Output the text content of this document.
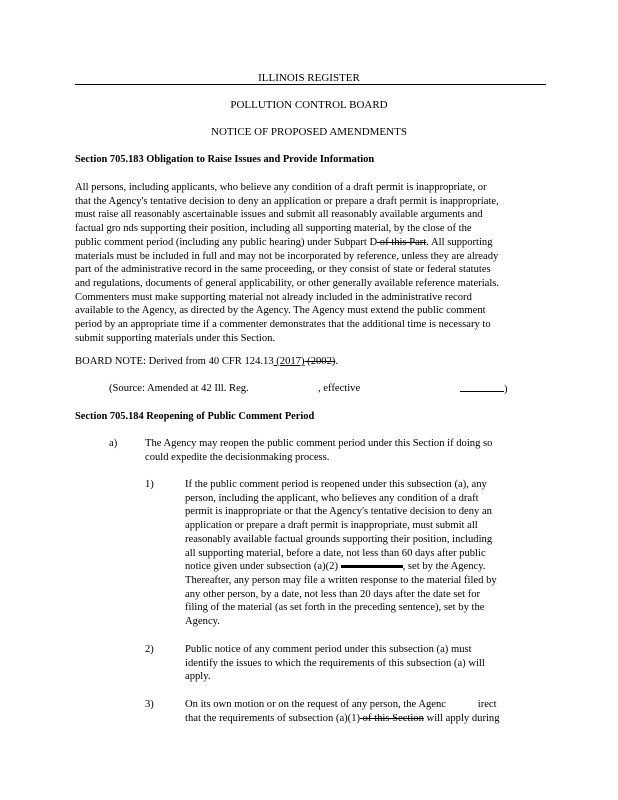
ILLINOIS REGISTER
POLLUTION CONTROL BOARD
NOTICE OF PROPOSED AMENDMENTS
Section 705.183 Obligation to Raise Issues and Provide Information
All persons, including applicants, who believe any condition of a draft permit is inappropriate, or
that the Agency's tentative decision to deny an application or prepare a draft permit is inappropriate,
must raise all reasonably ascertainable issues and submit all reasonably available arguments and
factual gro nds supporting their position, including all supporting material, by the close of the
public comment period (including any public hearing) under Subpart D of this Part. All supporting
materials must be included in full and may not be incorporated by reference, unless they are already
part of the administrative record in the same proceeding, or they consist of state or federal statutes
and regulations, documents of general applicability, or other generally available reference materials.
Commenters must make supporting material not already included in the administrative record
available to the Agency, as directed by the Agency. The Agency must extend the public comment
period by an appropriate time if a commenter demonstrates that the additional time is necessary to
submit supporting materials under this Section.
BOARD NOTE: Derived from 40 CFR 124.13 (2017) (2002).
(Source: Amended at 42 Ill. Reg.	, effective	)
Section 705.184 Reopening of Public Comment Period
a)	The Agency may reopen the public comment period under this Section if doing so
could expedite the decisionmaking process.
1)	If the public comment period is reopened under this subsection (a), any
person, including the applicant, who believes any condition of a draft
permit is inappropriate or that the Agency's tentative decision to deny an
application or prepare a draft permit is inappropriate, must submit all
reasonably available factual grounds supporting their position, including
all supporting material, before a date, not less than 60 days after public
notice given under subsection (a)(2)	, set by the Agency.
Thereafter, any person may file a written response to the material filed by
any other person, by a date, not less than 20 days after the date set for
filing of the material (as set forth in the preceding sentence), set by the
Agency.
2)	Public notice of any comment period under this subsection (a) must
identify the issues to which the requirements of this subsection (a) will
apply.
3)	On its own motion or on the request of any person, the Agenc            irect
that the requirements of subsection (a)(1) of this Section will apply during
